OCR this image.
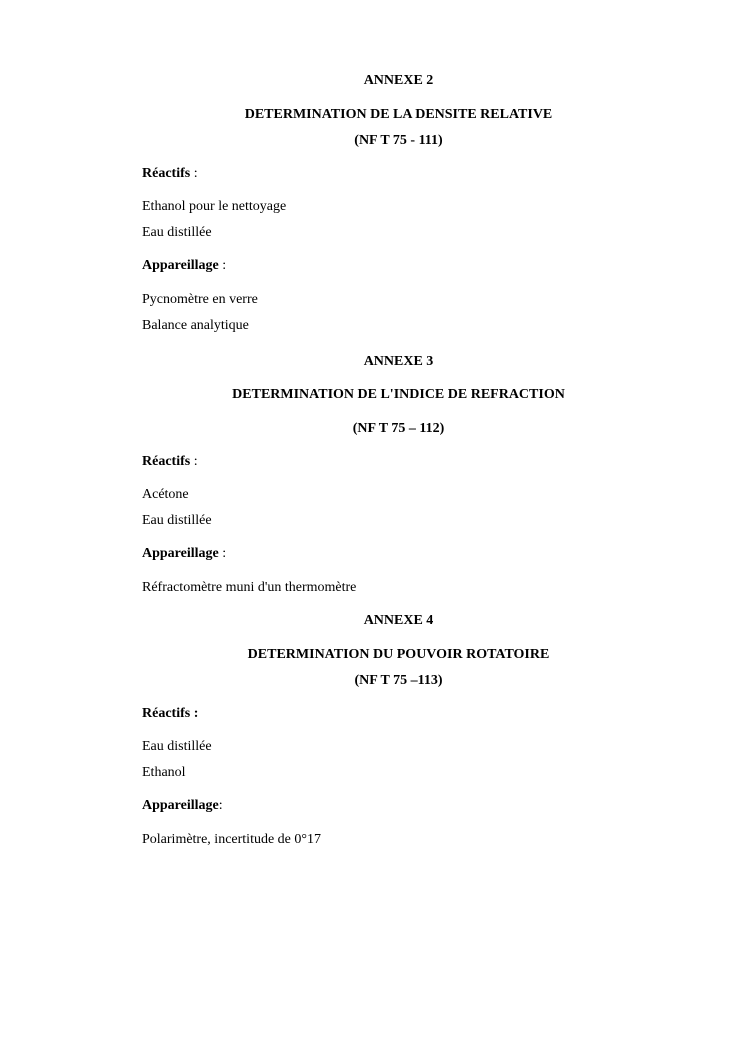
ANNEXE 2
DETERMINATION DE LA DENSITE RELATIVE
(NF T 75 - 111)
Réactifs :
Ethanol pour le nettoyage
Eau distillée
Appareillage :
Pycnomètre en verre
Balance analytique
ANNEXE 3
DETERMINATION DE L'INDICE DE REFRACTION
(NF T 75 – 112)
Réactifs :
Acétone
Eau distillée
Appareillage :
Réfractomètre muni d'un thermomètre
ANNEXE 4
DETERMINATION DU POUVOIR ROTATOIRE
(NF T 75 –113)
Réactifs :
Eau distillée
Ethanol
Appareillage:
Polarimètre, incertitude de 0°17
